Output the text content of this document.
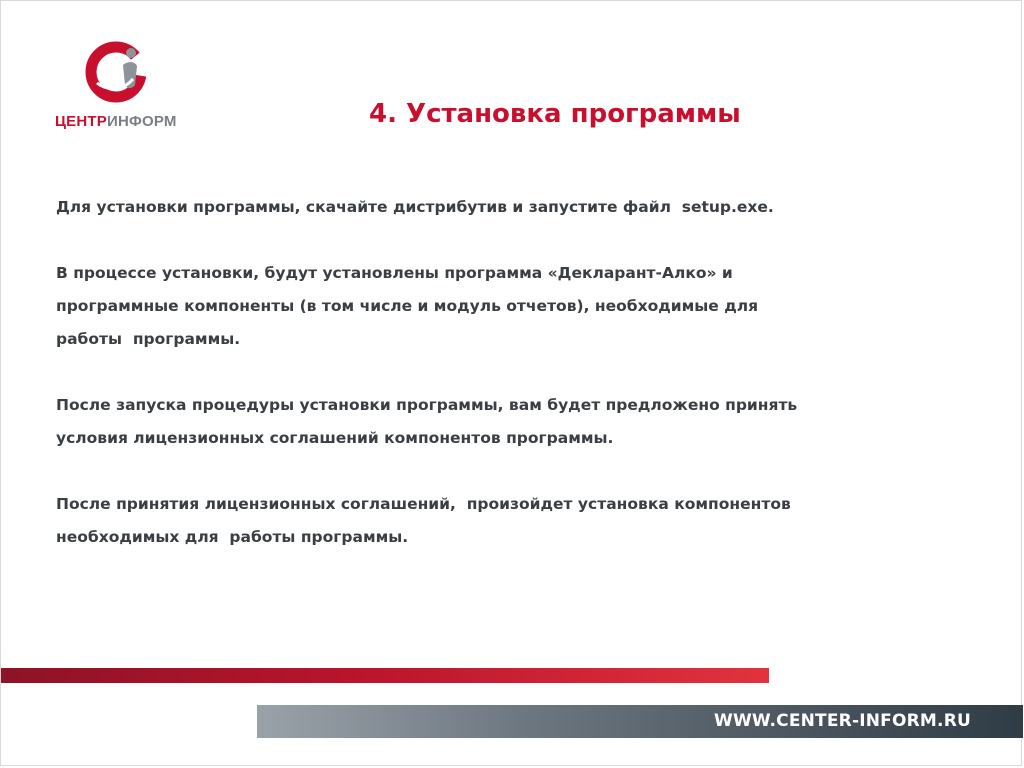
ЦЕНТРИНФОРМ	4. Установка программы

Для установки программы, скачайте дистрибутив и запустите файл  setup.exe.

В процессе установки, будут установлены программа «Декларант-Алко» и
программные компоненты (в том числе и модуль отчетов), необходимые для
работы  программы.

После запуска процедуры установки программы, вам будет предложено принять
условия лицензионных соглашений компонентов программы.

После принятия лицензионных соглашений,  произойдет установка компонентов
необходимых для  работы программы.

WWW.CENTER-INFORM.RU
